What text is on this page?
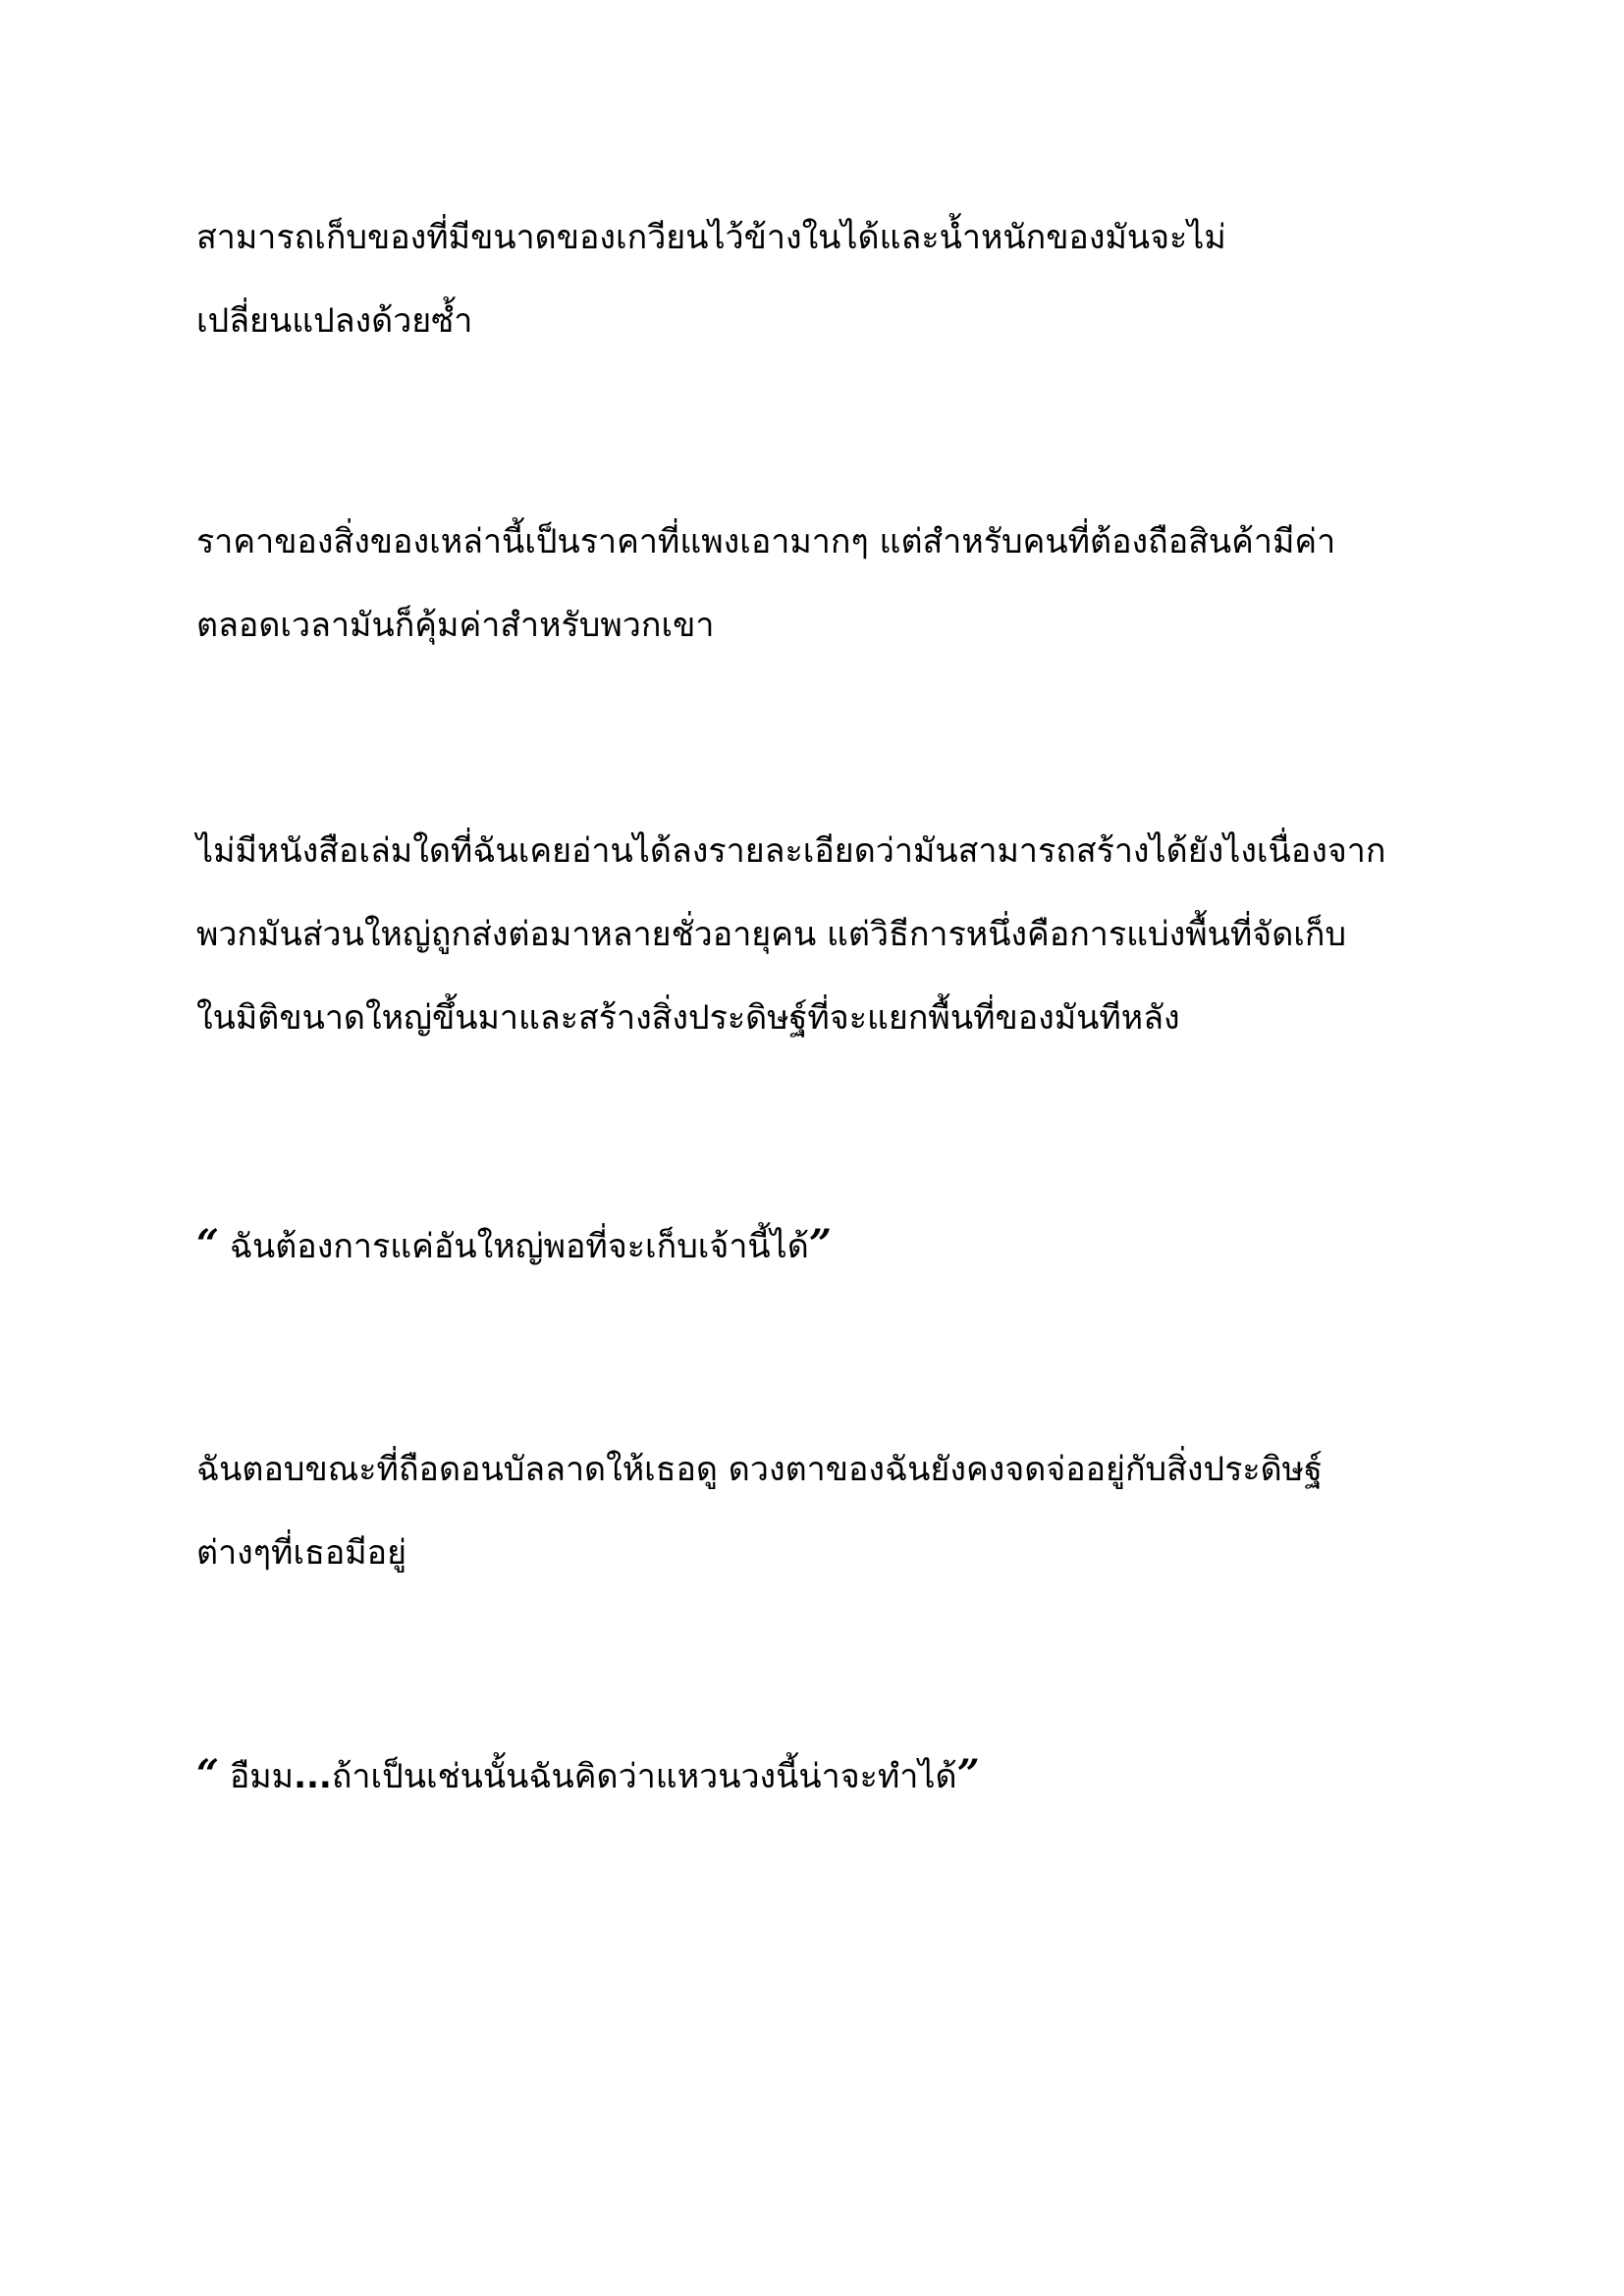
สามารถเก็บของที่มีขนาดของเกวียนไว้ข้างในได้และน้ำหนักของมันจะไม่
เปลี่ยนแปลงด้วยซ้ำ

ราคาของสิ่งของเหล่านี้เป็นราคาที่แพงเอามากๆ แต่สำหรับคนที่ต้องถือสินค้ามีค่า
ตลอดเวลามันก็คุ้มค่าสำหรับพวกเขา

ไม่มีหนังสือเล่มใดที่ฉันเคยอ่านได้ลงรายละเอียดว่ามันสามารถสร้างได้ยังไงเนื่องจาก
พวกมันส่วนใหญ่ถูกส่งต่อมาหลายชั่วอายุคน แต่วิธีการหนึ่งคือการแบ่งพื้นที่จัดเก็บ
ในมิติขนาดใหญ่ขึ้นมาและสร้างสิ่งประดิษฐ์ที่จะแยกพื้นที่ของมันทีหลัง

“ ฉันต้องการแค่อันใหญ่พอที่จะเก็บเจ้านี้ได้”

ฉันตอบขณะที่ถือดอนบัลลาดให้เธอดู ดวงตาของฉันยังคงจดจ่ออยู่กับสิ่งประดิษฐ์
ต่างๆที่เธอมีอยู่

“ อืมม...ถ้าเป็นเช่นนั้นฉันคิดว่าแหวนวงนี้น่าจะทำได้”
